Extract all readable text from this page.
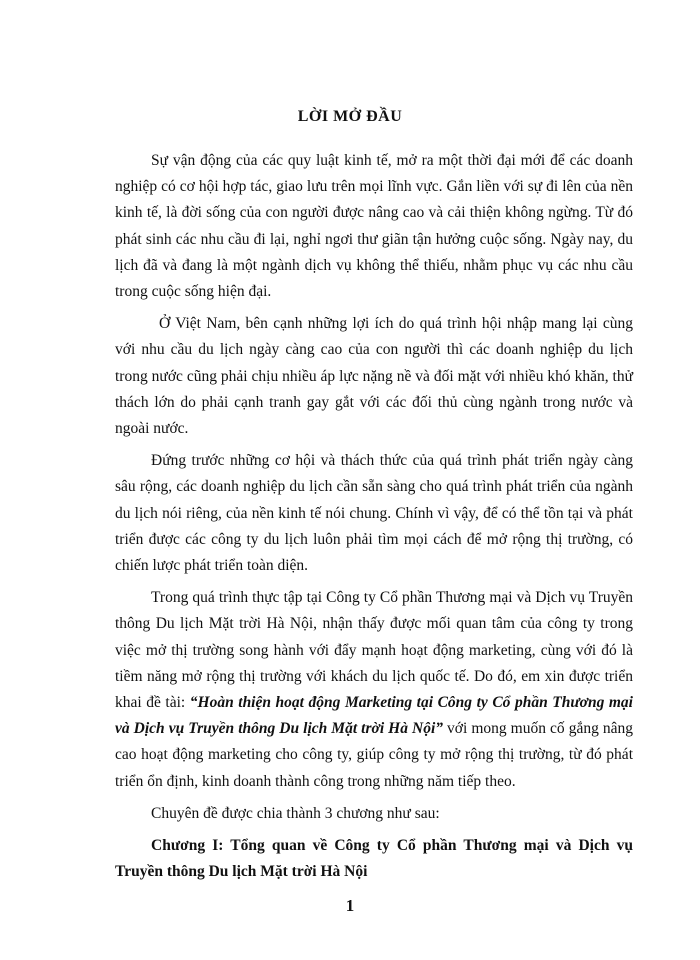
LỜI MỞ ĐẦU

Sự vận động của các quy luật kinh tế, mở ra một thời đại mới để các doanh nghiệp có cơ hội hợp tác, giao lưu trên mọi lĩnh vực. Gắn liền với sự đi lên của nền kinh tế, là đời sống của con người được nâng cao và cải thiện không ngừng. Từ đó phát sinh các nhu cầu đi lại, nghỉ ngơi thư giãn tận hưởng cuộc sống. Ngày nay, du lịch đã và đang là một ngành dịch vụ không thể thiếu, nhằm phục vụ các nhu cầu trong cuộc sống hiện đại.

Ở Việt Nam, bên cạnh những lợi ích do quá trình hội nhập mang lại cùng với nhu cầu du lịch ngày càng cao của con người thì các doanh nghiệp du lịch trong nước cũng phải chịu nhiều áp lực nặng nề và đối mặt với nhiều khó khăn, thử thách lớn do phải cạnh tranh gay gắt với các đối thủ cùng ngành trong nước và ngoài nước.

Đứng trước những cơ hội và thách thức của quá trình phát triển ngày càng sâu rộng, các doanh nghiệp du lịch cần sẵn sàng cho quá trình phát triển của ngành du lịch nói riêng, của nền kinh tế nói chung. Chính vì vậy, để có thể tồn tại và phát triển được các công ty du lịch luôn phải tìm mọi cách để mở rộng thị trường, có chiến lược phát triển toàn diện.

Trong quá trình thực tập tại Công ty Cổ phần Thương mại và Dịch vụ Truyền thông Du lịch Mặt trời Hà Nội, nhận thấy được mối quan tâm của công ty trong việc mở thị trường song hành với đẩy mạnh hoạt động marketing, cùng với đó là tiềm năng mở rộng thị trường với khách du lịch quốc tế. Do đó, em xin được triển khai đề tài: “Hoàn thiện hoạt động Marketing tại Công ty Cổ phần Thương mại và Dịch vụ Truyền thông Du lịch Mặt trời Hà Nội” với mong muốn cố gắng nâng cao hoạt động marketing cho công ty, giúp công ty mở rộng thị trường, từ đó phát triển ổn định, kinh doanh thành công trong những năm tiếp theo.

Chuyên đề được chia thành 3 chương như sau:

Chương I: Tổng quan về Công ty Cổ phần Thương mại và Dịch vụ Truyền thông Du lịch Mặt trời Hà Nội

1
